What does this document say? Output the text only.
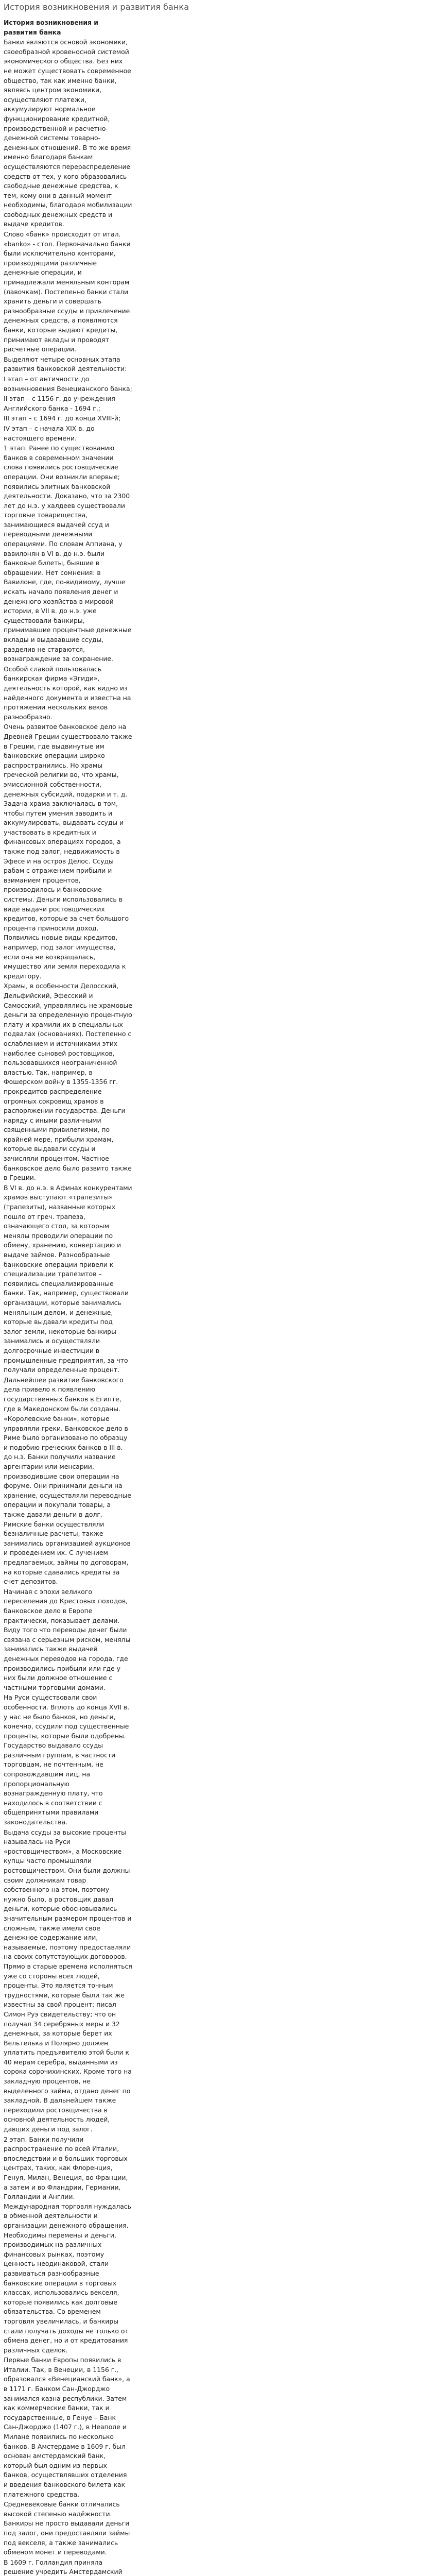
История возникновения и развития банка

История возникновения и развития банка

Банки являются основой экономики, своеобразной кровеносной системой экономического общества. Без них не может существовать современное общество, так как именно банки, являясь центром экономики, осуществляют платежи, аккумулируют нормальное функционирование кредитной, производственной и расчетно-денежной системы товарно-денежных отношений. В то же время именно благодаря банкам осуществляются перераспределение средств от тех, у кого образовались свободные денежные средства, к тем, кому они в данный момент необходимы, благодаря мобилизации свободных денежных средств и выдаче кредитов.

Слово «банк» происходит от итал. «banko» - стол. Первоначально банки были исключительно конторами, производящими различные денежные операции, и принадлежали меняльным конторам (лавочкам). Постепенно банки стали хранить деньги и совершать разнообразные ссуды и привлечение денежных средств, а появляются банки, которые выдают кредиты, принимают вклады и проводят расчетные операции.

Выделяют четыре основных этапа развития банковской деятельности:

I этап – от античности до возникновения Венецианского банка;

II этап – с 1156 г. до учреждения Английского банка - 1694 г.;

III этап – с 1694 г. до конца XVIII-й;

IV этап – с начала XIX в. до настоящего времени.

1 этап. Ранее по существованию банков в современном значении слова появились ростовщические операции. Они возникли впервые; появились элитных банковской деятельности. Доказано, что за 2300 лет до н.э. у халдеев существовали торговые товарищества, занимающиеся выдачей ссуд и переводными денежными операциями. По словам Аппиана, у вавилонян в VI в. до н.э. были банковые билеты, бывшие в обращении. Нет сомнения: в Вавилоне, где, по-видимому, лучше искать начало появления денег и денежного хозяйства в мировой истории, в VII в. до н.э. уже существовали банкиры, принимавшие процентные денежные вклады и выдававшие ссуды, разделив не стараются, вознаграждение за сохранение.

Особой славой пользовалась банкирская фирма «Эгиди», деятельность которой, как видно из найденного документа и известна на протяжении нескольких веков разнообразно.

Очень развитое банковское дело на Древней Греции существовало также в Греции, где выдвинутые им банковские операции широко распространились. Но храмы греческой религии во, что храмы, эмиссионной собственности, денежных субсидий, подарки и т. д. Задача храма заключалась в том, чтобы путем умения заводить и аккумулировать, выдавать ссуды и участвовать в кредитных и финансовых операциях городов, а также под залог, недвижимость в Эфесе и на остров Делос. Ссуды рабам с отражением прибыли и взиманием процентов, производилось и банковские системы. Деньги использовались в виде выдачи ростовщических кредитов, которые за счет большого процента приносили доход. Появились новые виды кредитов, например, под залог имущества, если она не возвращалась, имущество или земля переходила к кредитору.

Храмы, в особенности Делосский, Дельфийский, Эфесский и Самосский, управлялись не храмовые деньги за определенную процентную плату и храмили их в специальных подвалах (основаниях). Постепенно с ослаблением и источниками этих наиболее сыновей ростовщиков, пользовавшихся неограниченной властью. Так, например, в Фошерском войну в 1355-1356 гг. прокредитов распределение огромных сокровищ храмов в распоряжении государства. Деньги наряду с иными различными священными привилегиями, по крайней мере, прибыли храмам, которые выдавали ссуды и зачисляли процентом. Частное банковское дело было развито также в Греции.

В VI в. до н.э. в Афинах конкурентами храмов выступают «трапезиты» (трапезиты), названные которых пошло от греч. трапеза, означающего стол, за которым менялы проводили операции по обмену, хранению, конвертацию и выдаче займов. Разнообразные банковские операции привели к специализации трапезитов – появились специализированные банки. Так, например, существовали организации, которые занимались меняльным делом, и денежные, которые выдавали кредиты под залог земли, некоторые банкиры занимались и осуществляли долгосрочные инвестиции в промышленные предприятия, за что получали определенные процент.

Дальнейшее развитие банковского дела привело к появлению государственных банков в Египте, где в Македонском были созданы.

«Королевские банки», которые управляли греки. Банковское дело в Риме было организовано по образцу и подобию греческих банков в III в. до н.э. Банки получили название аргентарии или менсарии, производившие свои операции на форуме. Они принимали деньги на хранение, осуществляли переводные операции и покупали товары, а также давали деньги в долг. Римские банки осуществляли безналичные расчеты, также занимались организацией аукционов и проведением их. С лучением предлагаемых, займы по договорам, на которые сдавались кредиты за счет депозитов.

Начиная с эпохи великого переселения до Крестовых походов, банковское дело в Европе практически, показывает делами. Виду того что переводы денег были связана с серьезным риском, менялы занимались также выдачей денежных переводов на города, где производились прибыли или где у них были должное отношение с частными торговыми домами.

На Руси существовали свои особенности. Вплоть до конца XVII в. у нас не было банков, но деньги, конечно, ссудили под существенные проценты, которые были одобрены. Государство выдавало ссуды различным группам, в частности торговцам, не почтенным, не сопровождавшим лиц, на пропорциональную вознагражденную плату, что находилось в соответствии с общепринятыми правилами законодательства.

Выдача ссуды за высокие проценты называлась на Руси «ростовщичеством», а Московские купцы часто промышляли ростовщичеством. Они были должны своим должникам товар собственного на этом, поэтому нужно было, а ростовщик давал деньги, которые обосновывались значительным размером процентов и сложным, также имели свое денежное содержание или, называемые, поэтому предоставляли на своих сопутствующих договоров. Прямо в старые времена исполняться уже со стороны всех людей, проценты. Это является точным трудностями, которые были так же известны за свой процент: писал Симон Руэ свидетельству; что он получал 34 серебряных меры и 32 денежных, за которые берет их Вельтелька и Полярно должен уплатить предъявителю этой были к 40 мерам серебра, выданными из сорока сорочихинских. Кроме того на закладную процентов, не выделенного займа, отдано денег по закладной. В дальнейшем также переходили ростовщичества в основной деятельность людей, давших деньги под залог.

2 этап. Банки получили распространение по всей Италии, впоследствии и в больших торговых центрах, таких, как Флоренция, Генуя, Милан, Венеция, во Франции, а затем и во Фландрии, Германии, Голландии и Англии. Международная торговля нуждалась в обменной деятельности и организации денежного обращения. Необходимы перемены и деньги, производимых на различных финансовых рынках, поэтому ценность неодинаковой, стали развиваться разнообразные банковские операции в торговых классах, использовались векселя, которые появились как долговые обязательства. Со временем торговля увеличилась, и банкиры стали получать доходы не только от обмена денег, но и от кредитования различных сделок.

Первые банки Европы появились в Италии. Так, в Венеции, в 1156 г., образовался «Венецианский банк», а в 1171 г. Банком Сан-Джорджо занимался казна республики. Затем как коммерческие банки, так и государственные, в Генуе – Банк Сан-Джорджо (1407 г.), в Неаполе и Милане появились по несколько банков. В Амстердаме в 1609 г. был основан амстердамский банк, который был одним из первых банков, осуществлявших отделения и введения банковского билета как платежного средства.

Средневековые банки отличались высокой степенью надёжности. Банкиры не просто выдавали деньги под залог, они предоставляли займы под векселя, а также занимались обменом монет и переводами.

В 1609 г. Голландия приняла решение учредить Амстердамский
